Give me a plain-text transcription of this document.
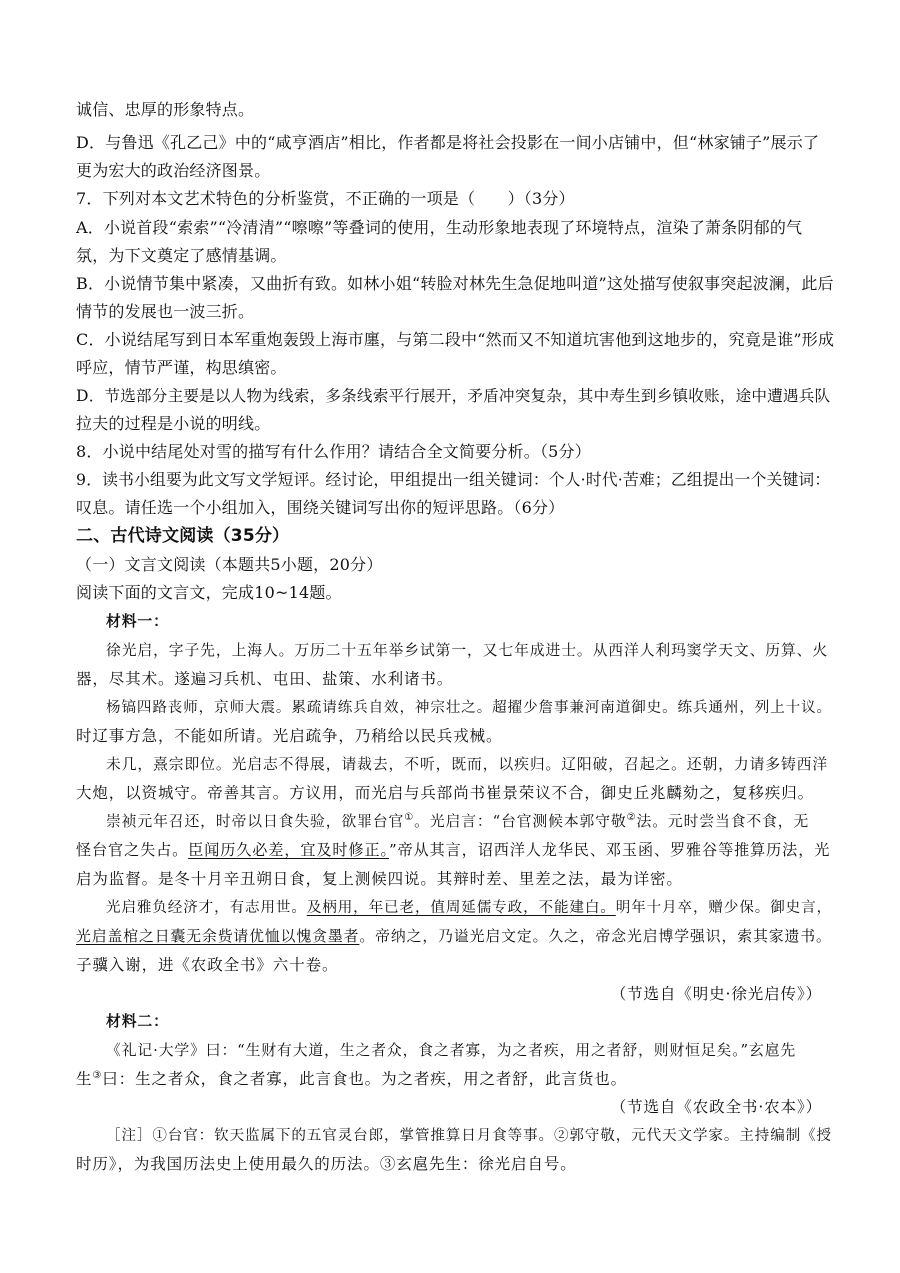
诚信、忠厚的形象特点。
D．与鲁迅《孔乙己》中的“咸亨酒店”相比，作者都是将社会投影在一间小店铺中，但“林家铺子”展示了
更为宏大的政治经济图景。
7．下列对本文艺术特色的分析鉴赏，不正确的一项是（　　）（3分）
A．小说首段“索索”“冷清清”“嚓嚓”等叠词的使用，生动形象地表现了环境特点，渲染了萧条阴郁的气
氛，为下文奠定了感情基调。
B．小说情节集中紧凑，又曲折有致。如林小姐“转脸对林先生急促地叫道”这处描写使叙事突起波澜，此后
情节的发展也一波三折。
C．小说结尾写到日本军重炮轰毁上海市廛，与第二段中“然而又不知道坑害他到这地步的，究竟是谁”形成
呼应，情节严谨，构思缜密。
D．节选部分主要是以人物为线索，多条线索平行展开，矛盾冲突复杂，其中寿生到乡镇收账，途中遭遇兵队
拉夫的过程是小说的明线。
8．小说中结尾处对雪的描写有什么作用？请结合全文简要分析。（5分）
9．读书小组要为此文写文学短评。经讨论，甲组提出一组关键词：个人·时代·苦难；乙组提出一个关键词：
叹息。请任选一个小组加入，围绕关键词写出你的短评思路。（6分）
二、古代诗文阅读（35分）
（一）文言文阅读（本题共5小题，20分）
阅读下面的文言文，完成10~14题。
材料一：
徐光启，字子先，上海人。万历二十五年举乡试第一，又七年成进士。从西洋人利玛窦学天文、历算、火
器，尽其术。遂遍习兵机、屯田、盐策、水利诸书。
杨镐四路丧师，京师大震。累疏请练兵自效，神宗壮之。超擢少詹事兼河南道御史。练兵通州，列上十议。
时辽事方急，不能如所请。光启疏争，乃稍给以民兵戎械。
未几，熹宗即位。光启志不得展，请裁去，不听，既而，以疾归。辽阳破，召起之。还朝，力请多铸西洋
大炮，以资城守。帝善其言。方议用，而光启与兵部尚书崔景荣议不合，御史丘兆麟劾之，复移疾归。
崇祯元年召还，时帝以日食失验，欲罪台官①。光启言：“台官测候本郭守敬②法。元时尝当食不食，无
怪台官之失占。臣闻历久必差，宜及时修正。”帝从其言，诏西洋人龙华民、邓玉函、罗雅谷等推算历法，光
启为监督。是冬十月辛丑朔日食，复上测候四说。其辩时差、里差之法，最为详密。
光启雅负经济才，有志用世。及柄用，年已老，值周延儒专政，不能建白。明年十月卒，赠少保。御史言，
光启盖棺之日囊无余赀请优恤以愧贪墨者。帝纳之，乃谥光启文定。久之，帝念光启博学强识，索其家遗书。
子骥入谢，进《农政全书》六十卷。
（节选自《明史·徐光启传》）
材料二：
《礼记·大学》曰：“生财有大道，生之者众，食之者寡，为之者疾，用之者舒，则财恒足矣。”玄扈先
生③曰：生之者众，食之者寡，此言食也。为之者疾，用之者舒，此言货也。
（节选自《农政全书·农本》）
［注］①台官：钦天监属下的五官灵台郎，掌管推算日月食等事。②郭守敬，元代天文学家。主持编制《授
时历》，为我国历法史上使用最久的历法。③玄扈先生：徐光启自号。
